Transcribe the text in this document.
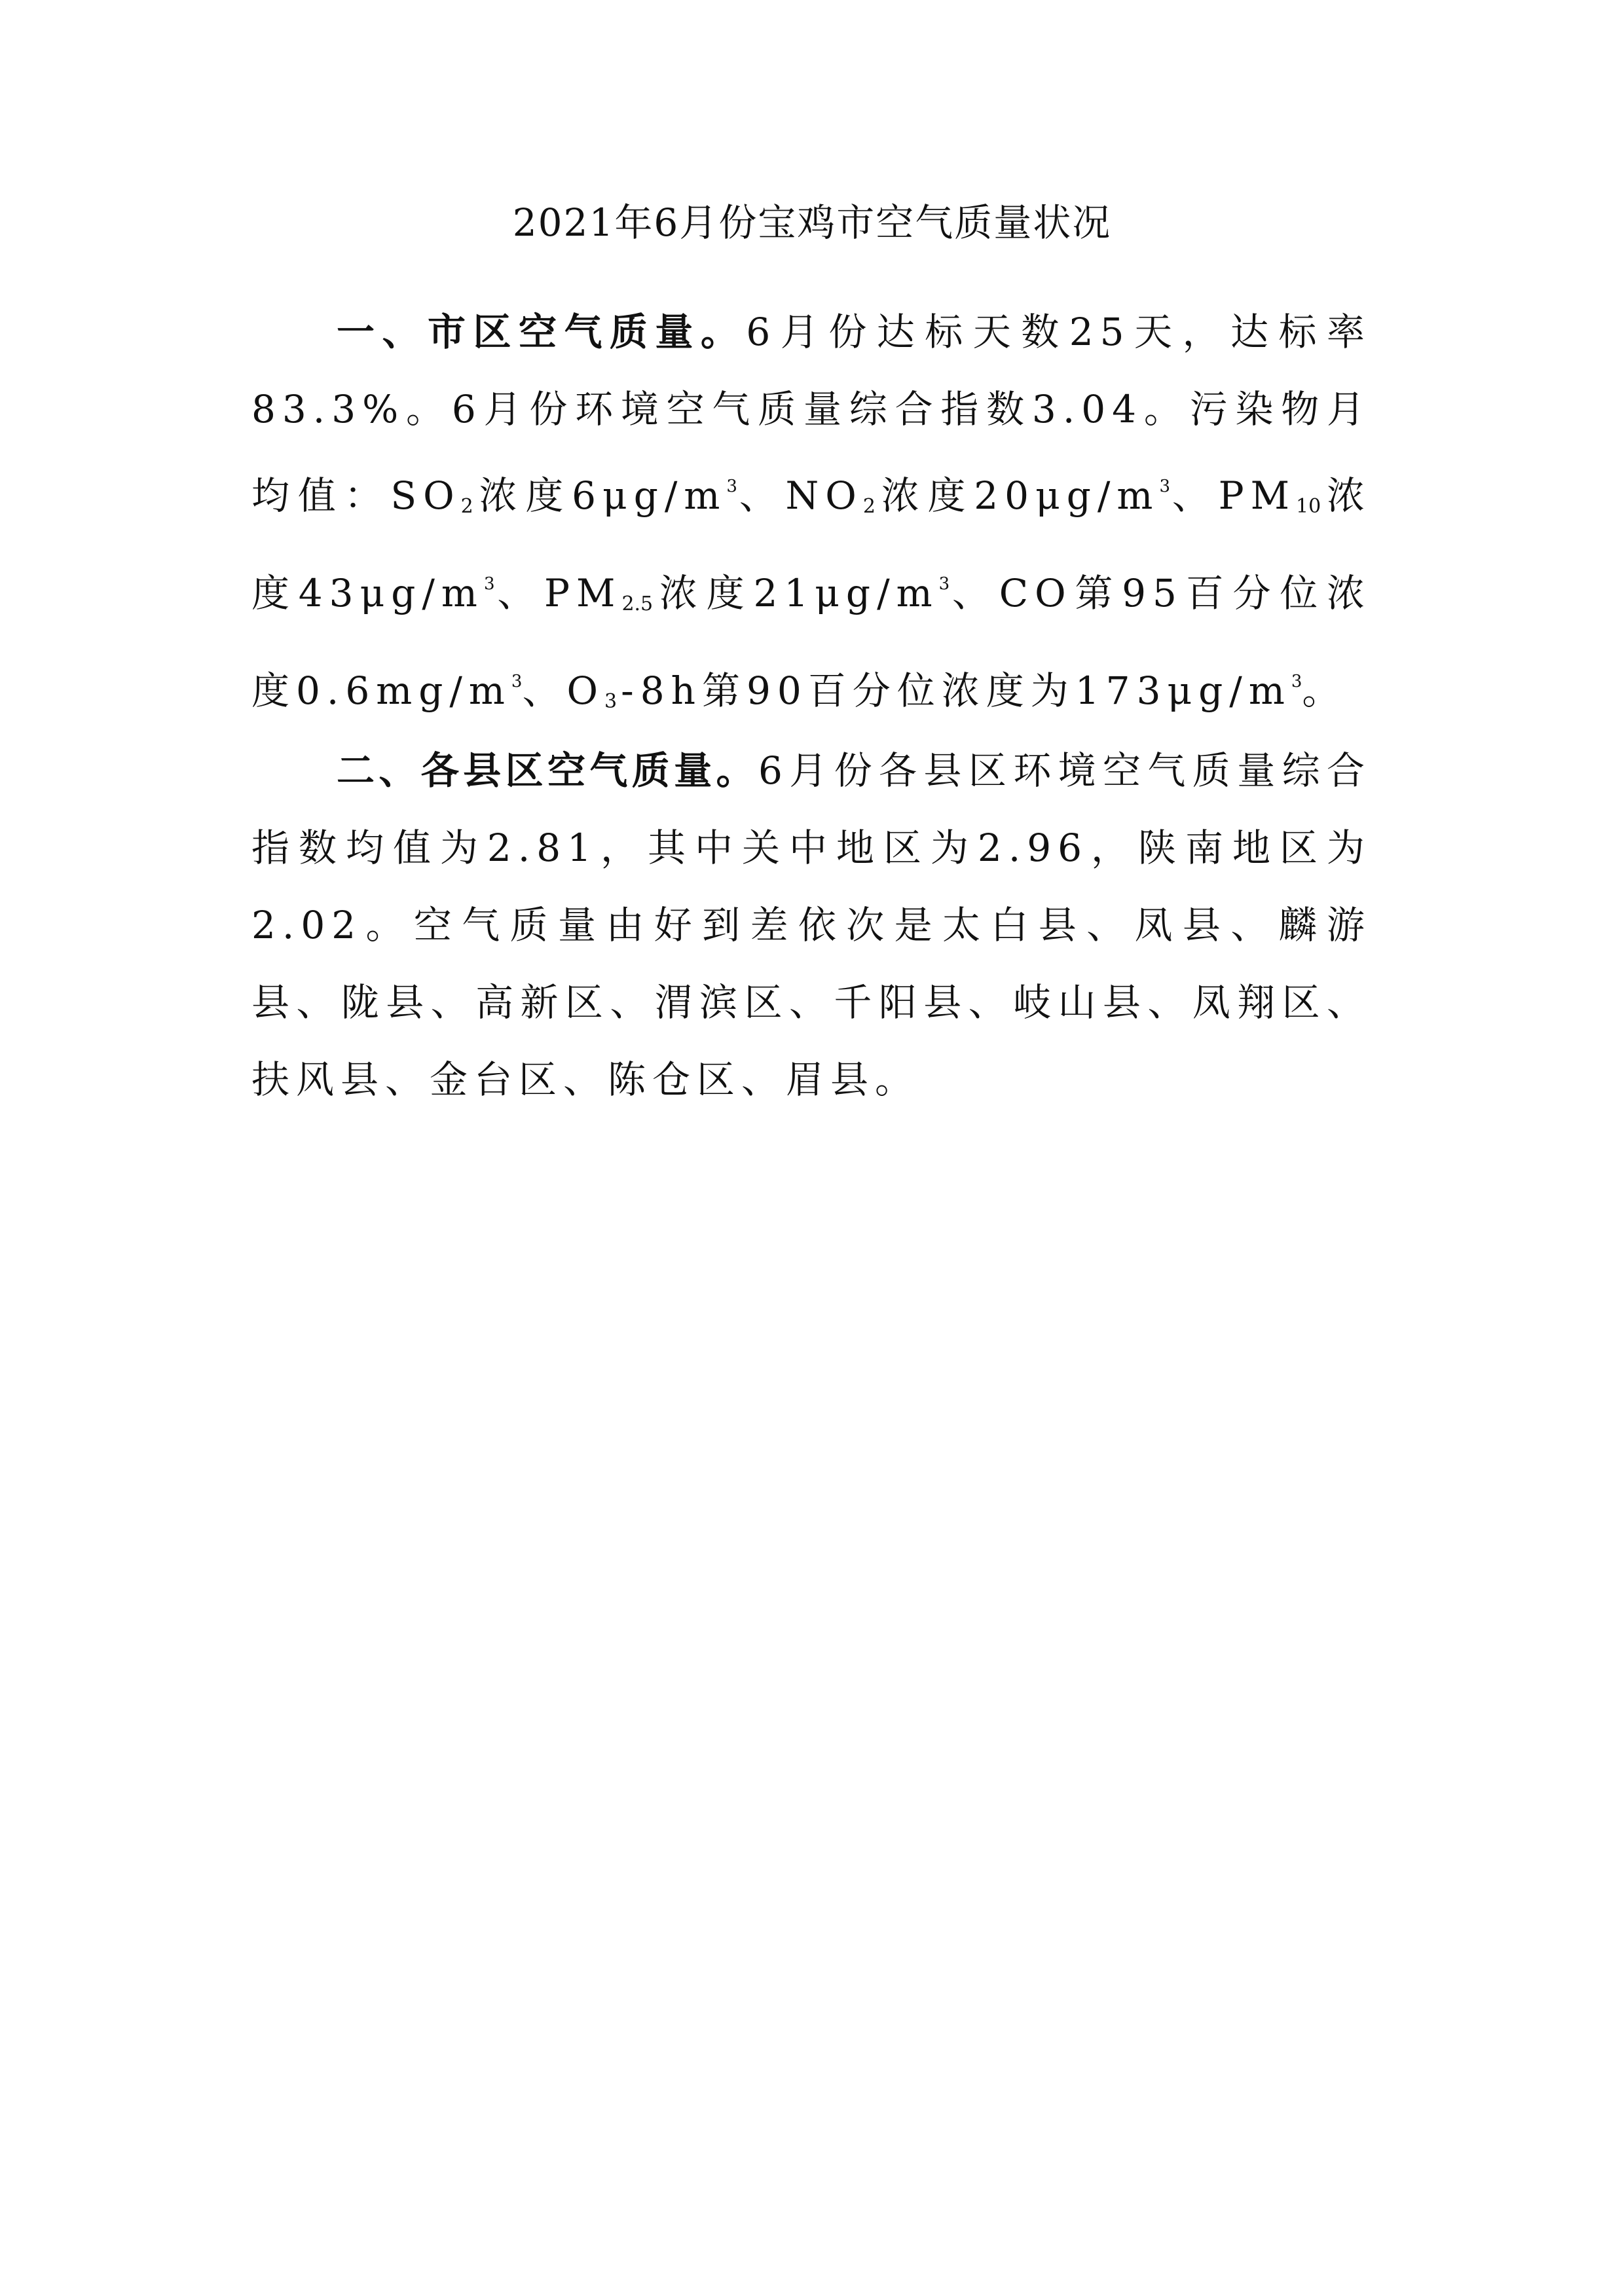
2021年6月份宝鸡市空气质量状况
一、市区空气质量。6月份达标天数25天，达标率83.3%。6月份环境空气质量综合指数3.04。污染物月均值：$SO_2$ 浓度$6\mu g/m^3$、$NO_2$ 浓度$20\mu g/m^3$、$PM_{10}$ 浓度$43\mu g/m^3$、$PM_{2.5}$ 浓度$21\mu g/m^3$、CO第95百分位浓度$0.6mg/m^3$、$O_3$ -8h第90百分位浓度为$173\mu g/m^3$。
二、各县区空气质量。6月份各县区环境空气质量综合指数均值为2.81，其中关中地区为2.96，陕南地区为2.02。空气质量由好到差依次是太白县、凤县、麟游县、陇县、高新区、渭滨区、千阳县、岐山县、凤翔区、扶风县、金台区、陈仓区、眉县。
